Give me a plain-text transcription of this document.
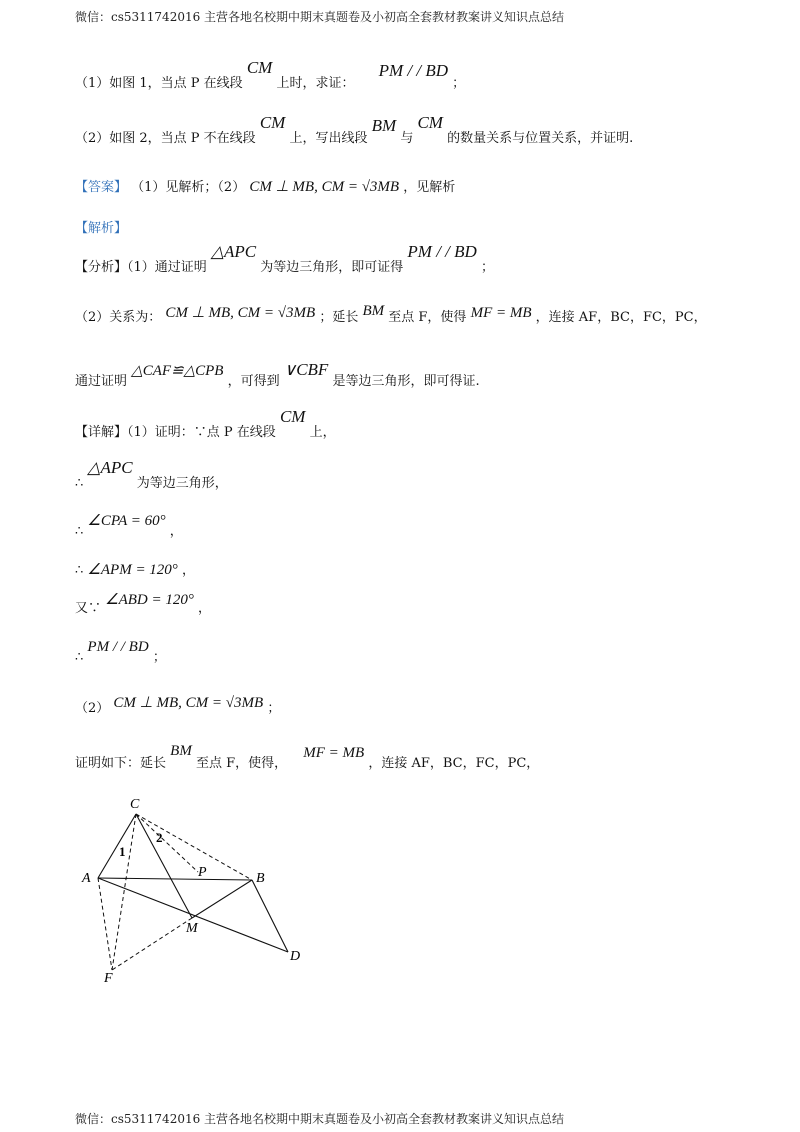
微信：cs5311742016 主营各地名校期中期末真题卷及小初高全套教材教案讲义知识点总结
（1）如图 1，当点 P 在线段 CM 上时，求证： PM / / BD ；
（2）如图 2，当点 P 不在线段 CM 上，写出线段 BM 与 CM 的数量关系与位置关系，并证明.
【答案】 （1）见解析；（2） CM ⊥ MB, CM = √3MB ，见解析
【解析】
【分析】（1）通过证明 △APC 为等边三角形，即可证得 PM / / BD ；
（2）关系为： CM ⊥ MB, CM = √3MB ；延长 BM 至点 F，使得 MF = MB ，连接 AF，BC，FC，PC，
通过证明 △CAF≌△CPB ，可得到 ∨CBF 是等边三角形，即可得证.
【详解】（1）证明：∵点 P 在线段 CM 上，
∴ △APC 为等边三角形，
∴ ∠CPA = 60° ，
∴ ∠APM = 120° ，
又∵ ∠ABD = 120° ，
∴ PM / / BD ；
（2） CM ⊥ MB, CM = √3MB ；
证明如下：延长 BM 至点 F，使得， MF = MB ，连接 AF，BC，FC，PC，
C
A	B
P
M
D
F
1
2
微信：cs5311742016 主营各地名校期中期末真题卷及小初高全套教材教案讲义知识点总结
